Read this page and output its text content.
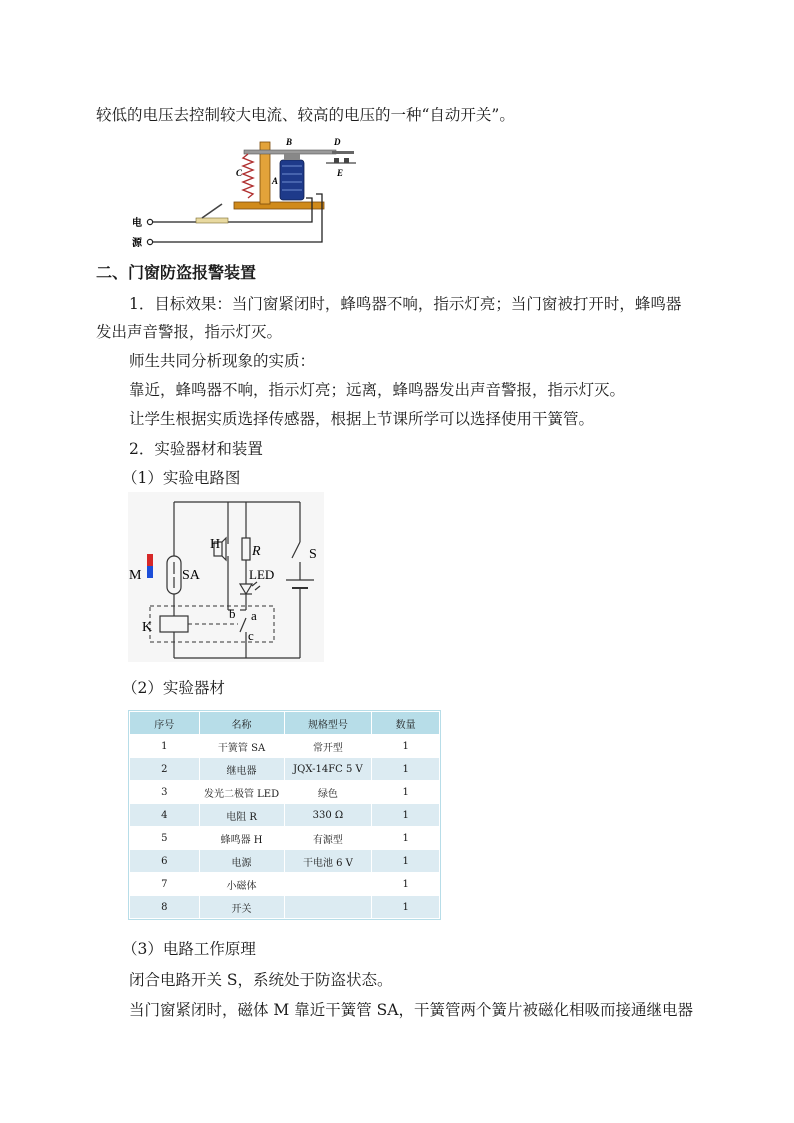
较低的电压去控制较大电流、较高的电压的一种“自动开关”。
B
C
A
D
E
电
源
二、门窗防盗报警装置
1．目标效果：当门窗紧闭时，蜂鸣器不响，指示灯亮；当门窗被打开时，蜂鸣器
发出声音警报，指示灯灭。
师生共同分析现象的实质：
靠近，蜂鸣器不响，指示灯亮；远离，蜂鸣器发出声音警报，指示灯灭。
让学生根据实质选择传感器，根据上节课所学可以选择使用干簧管。
2．实验器材和装置
（1）实验电路图
M	SA
H R
LED
S
K
a
b
c
（2）实验器材
序号	名称	规格型号	数量
1	干簧管 SA	常开型	1
2	继电器	JQX-14FC 5 V	1
3	发光二极管 LED	绿色	1
4	电阻 R	330 Ω	1
5	蜂鸣器 H	有源型	1
6	电源	干电池 6 V	1
7	小磁体		1
8	开关		1
（3）电路工作原理
闭合电路开关 S，系统处于防盗状态。
当门窗紧闭时，磁体 M 靠近干簧管 SA，干簧管两个簧片被磁化相吸而接通继电器
